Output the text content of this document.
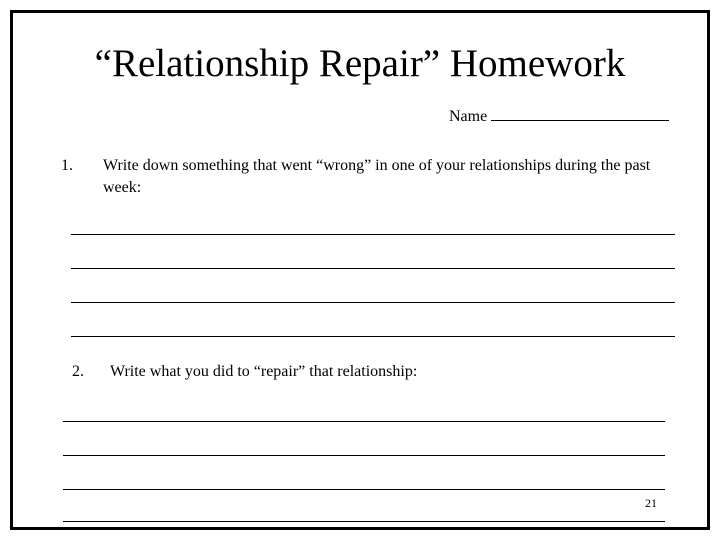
“Relationship Repair” Homework
Name
1. Write down something that went “wrong” in one of your relationships during the past week:
2. Write what you did to “repair” that relationship:
21
